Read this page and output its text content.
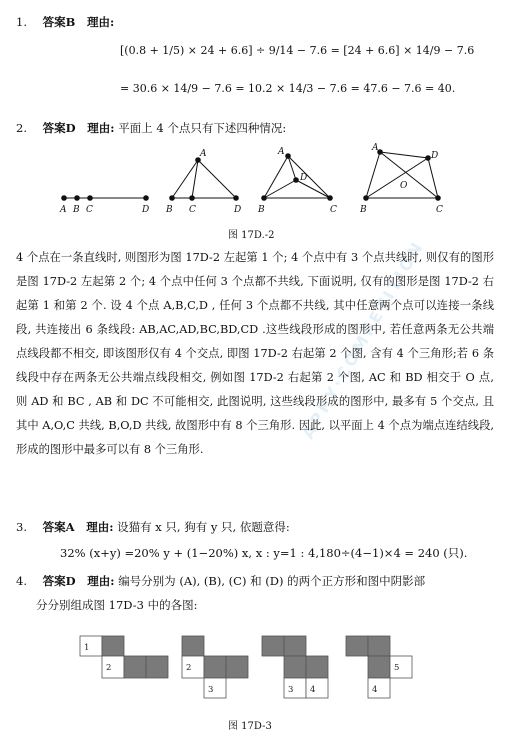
APPY·COMPETITION
1. 答案B 理由:
[(0.8 + 1/5) × 24 + 6.6] ÷ 9/14 − 7.6 = [24 + 6.6] × 14/9 − 7.6
= 30.6 × 14/9 − 7.6 = 10.2 × 14/3 − 7.6 = 47.6 − 7.6 = 40.
2. 答案D 理由: 平面上 4 个点只有下述四种情况:
A B C	D
A
B C	D
A
D
B	C
A
D
O
B	C
图 17D.-2
4 个点在一条直线时, 则图形为图 17D-2 左起第 1 个; 4 个点中有 3 个点共线时, 则仅有的图形是图 17D-2 左起第 2 个; 4 个点中任何 3 个点都不共线, 下面说明, 仅有的图形是图 17D-2 右起第 1 和第 2 个. 设 4 个点 A,B,C,D , 任何 3 个点都不共线, 其中任意两个点可以连接一条线段, 共连接出 6 条线段: AB,AC,AD,BC,BD,CD .这些线段形成的图形中, 若任意两条无公共端点线段都不相交, 即该图形仅有 4 个交点, 即图 17D-2 右起第 2 个图, 含有 4 个三角形;若 6 条线段中存在两条无公共端点线段相交, 例如图 17D-2 右起第 2 个图, AC 和 BD 相交于 O 点, 则 AD 和 BC , AB 和 DC 不可能相交, 此图说明, 这些线段形成的图形中, 最多有 5 个交点, 且其中 A,O,C 共线, B,O,D 共线, 故图形中有 8 个三角形. 因此, 以平面上 4 个点为端点连结线段, 形成的图形中最多可以有 8 个三角形.
3. 答案A 理由: 设猫有 x 只, 狗有 y 只, 依题意得:
32% (x+y) =20% y + (1−20%) x, x : y=1 : 4,180÷(4−1)×4 = 240 (只).
4. 答案D 理由: 编号分别为 (A), (B), (C) 和 (D) 的两个正方形和图中阴影部
分分别组成图 17D-3 中的各图:
1
2	2
3	3 4	4
5
图 17D-3
